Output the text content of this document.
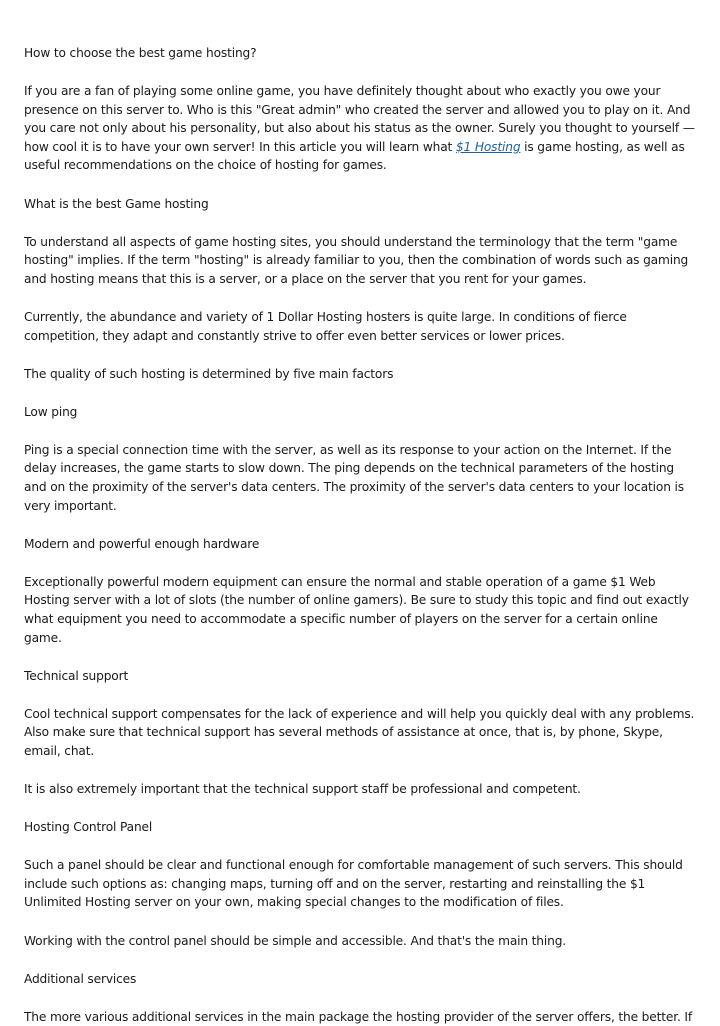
How to choose the best game hosting?

If you are a fan of playing some online game, you have definitely thought about who exactly you owe your presence on this server to. Who is this "Great admin" who created the server and allowed you to play on it. And you care not only about his personality, but also about his status as the owner. Surely you thought to yourself — how cool it is to have your own server! In this article you will learn what $1 Hosting is game hosting, as well as useful recommendations on the choice of hosting for games.

What is the best Game hosting

To understand all aspects of game hosting sites, you should understand the terminology that the term "game hosting" implies. If the term "hosting" is already familiar to you, then the combination of words such as gaming and hosting means that this is a server, or a place on the server that you rent for your games.

Currently, the abundance and variety of 1 Dollar Hosting hosters is quite large. In conditions of fierce competition, they adapt and constantly strive to offer even better services or lower prices.

The quality of such hosting is determined by five main factors

Low ping

Ping is a special connection time with the server, as well as its response to your action on the Internet. If the delay increases, the game starts to slow down. The ping depends on the technical parameters of the hosting and on the proximity of the server's data centers. The proximity of the server's data centers to your location is very important.

Modern and powerful enough hardware

Exceptionally powerful modern equipment can ensure the normal and stable operation of a game $1 Web Hosting server with a lot of slots (the number of online gamers). Be sure to study this topic and find out exactly what equipment you need to accommodate a specific number of players on the server for a certain online game.

Technical support

Cool technical support compensates for the lack of experience and will help you quickly deal with any problems. Also make sure that technical support has several methods of assistance at once, that is, by phone, Skype, email, chat.

It is also extremely important that the technical support staff be professional and competent.

Hosting Control Panel

Such a panel should be clear and functional enough for comfortable management of such servers. This should include such options as: changing maps, turning off and on the server, restarting and reinstalling the $1 Unlimited Hosting server on your own, making special changes to the modification of files.

Working with the control panel should be simple and accessible. And that's the main thing.

Additional services

The more various additional services in the main package the hosting provider of the server offers, the better. If
